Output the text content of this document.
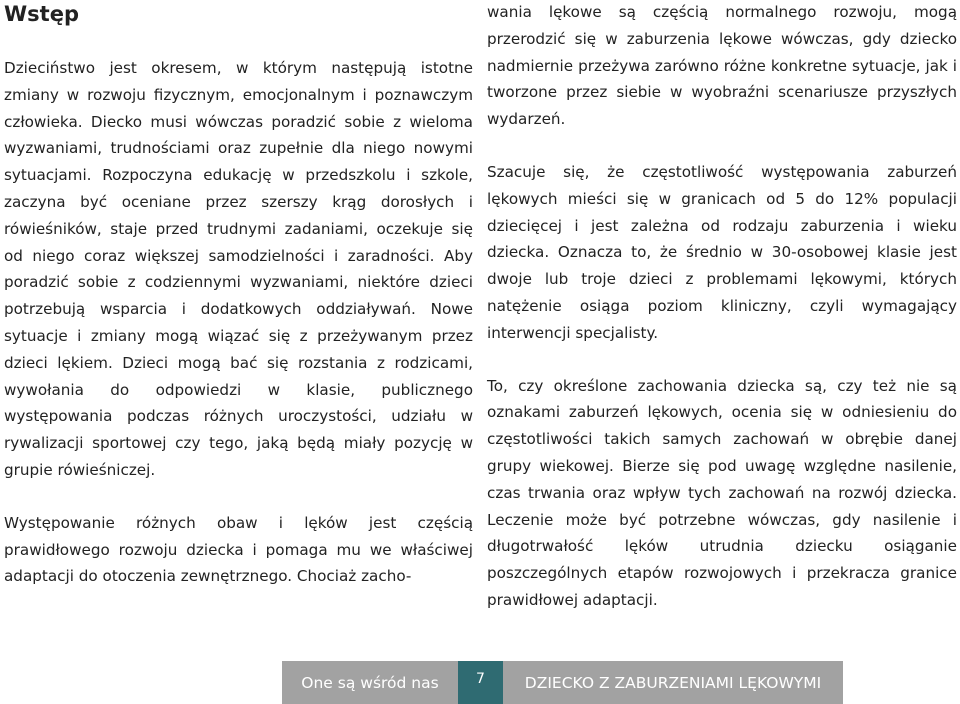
Wstęp

Dzieciństwo jest okresem, w którym następują istotne zmiany w rozwoju fizycznym, emocjonalnym i poznawczym człowieka. Diecko musi wówczas poradzić sobie z wieloma wyzwaniami, trudnościami oraz zupełnie dla niego nowymi sytuacjami. Rozpoczyna edukację w przedszkolu i szkole, zaczyna być oceniane przez szerszy krąg dorosłych i rówieśników, staje przed trudnymi zadaniami, oczekuje się od niego coraz większej samodzielności i zaradności. Aby poradzić sobie z codziennymi wyzwaniami, niektóre dzieci potrzebują wsparcia i dodatkowych oddziaływań. Nowe sytuacje i zmiany mogą wiązać się z przeżywanym przez dzieci lękiem. Dzieci mogą bać się rozstania z rodzicami, wywołania do odpowiedzi w klasie, publicznego występowania podczas różnych uroczystości, udziału w rywalizacji sportowej czy tego, jaką będą miały pozycję w grupie rówieśniczej.

Występowanie różnych obaw i lęków jest częścią prawidłowego rozwoju dziecka i pomaga mu we właściwej adaptacji do otoczenia zewnętrznego. Chociaż zacho-

wania lękowe są częścią normalnego rozwoju, mogą przerodzić się w zaburzenia lękowe wówczas, gdy dziecko nadmiernie przeżywa zarówno różne konkretne sytuacje, jak i tworzone przez siebie w wyobraźni scenariusze przyszłych wydarzeń.

Szacuje się, że częstotliwość występowania zaburzeń lękowych mieści się w granicach od 5 do 12% populacji dziecięcej i jest zależna od rodzaju zaburzenia i wieku dziecka. Oznacza to, że średnio w 30-osobowej klasie jest dwoje lub troje dzieci z problemami lękowymi, których natężenie osiąga poziom kliniczny, czyli wymagający interwencji specjalisty.

To, czy określone zachowania dziecka są, czy też nie są oznakami zaburzeń lękowych, ocenia się w odniesieniu do częstotliwości takich samych zachowań w obrębie danej grupy wiekowej. Bierze się pod uwagę względne nasilenie, czas trwania oraz wpływ tych zachowań na rozwój dziecka. Leczenie może być potrzebne wówczas, gdy nasilenie i długotrwałość lęków utrudnia dziecku osiąganie poszczególnych etapów rozwojowych i przekracza granice prawidłowej adaptacji.

One są wśród nas	7	DZIECKO Z ZABURZENIAMI LĘKOWYMI
